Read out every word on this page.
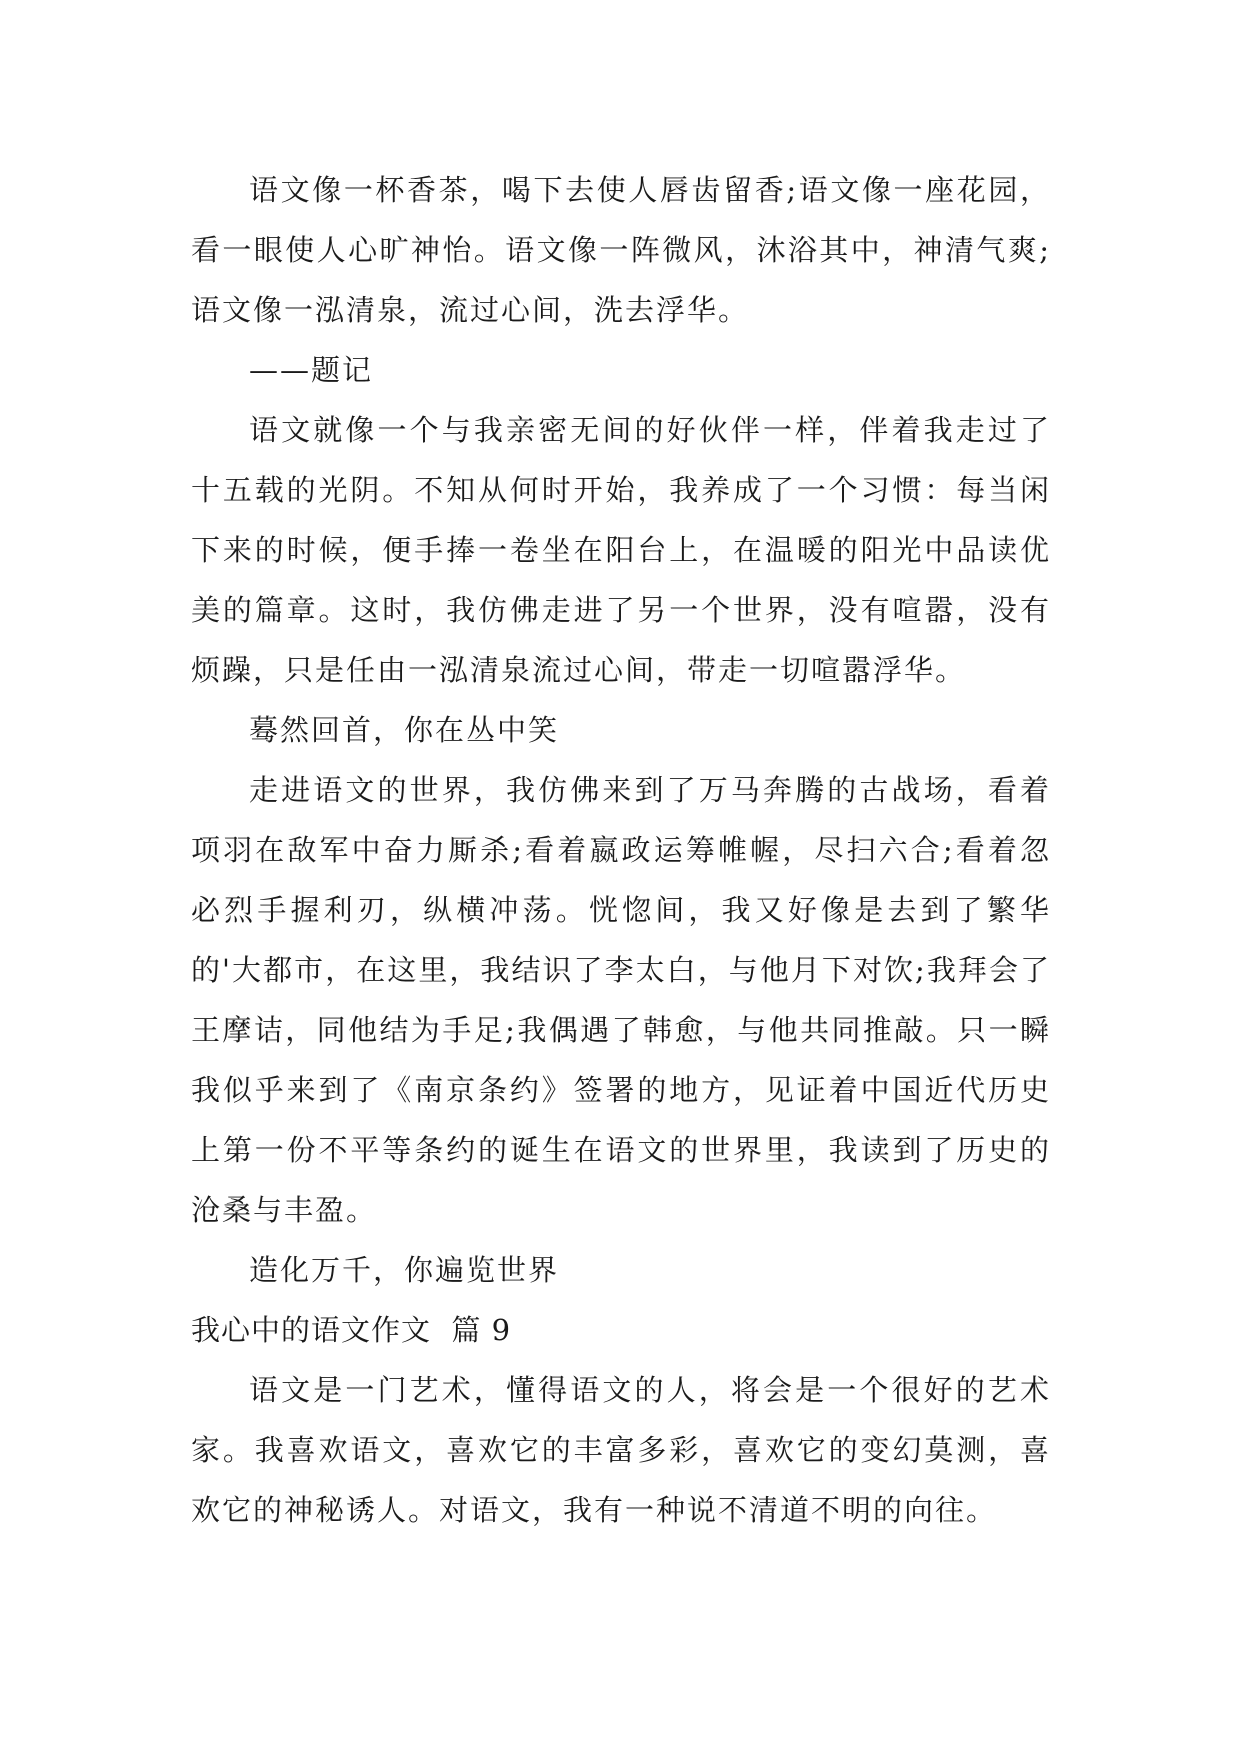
语文像一杯香茶，喝下去使人唇齿留香;语文像一座花园，看一眼使人心旷神怡。语文像一阵微风，沐浴其中，神清气爽;语文像一泓清泉，流过心间，洗去浮华。

——题记

语文就像一个与我亲密无间的好伙伴一样，伴着我走过了十五载的光阴。不知从何时开始，我养成了一个习惯：每当闲下来的时候，便手捧一卷坐在阳台上，在温暖的阳光中品读优美的篇章。这时，我仿佛走进了另一个世界，没有喧嚣，没有烦躁，只是任由一泓清泉流过心间，带走一切喧嚣浮华。

蓦然回首，你在丛中笑

走进语文的世界，我仿佛来到了万马奔腾的古战场，看着项羽在敌军中奋力厮杀;看着嬴政运筹帷幄，尽扫六合;看着忽必烈手握利刃，纵横冲荡。恍惚间，我又好像是去到了繁华的'大都市，在这里，我结识了李太白，与他月下对饮;我拜会了王摩诘，同他结为手足;我偶遇了韩愈，与他共同推敲。只一瞬我似乎来到了《南京条约》签署的地方，见证着中国近代历史上第一份不平等条约的诞生在语文的世界里，我读到了历史的沧桑与丰盈。

造化万千，你遍览世界

我心中的语文作文  篇 9

语文是一门艺术，懂得语文的人，将会是一个很好的艺术家。我喜欢语文，喜欢它的丰富多彩，喜欢它的变幻莫测，喜欢它的神秘诱人。对语文，我有一种说不清道不明的向往。
